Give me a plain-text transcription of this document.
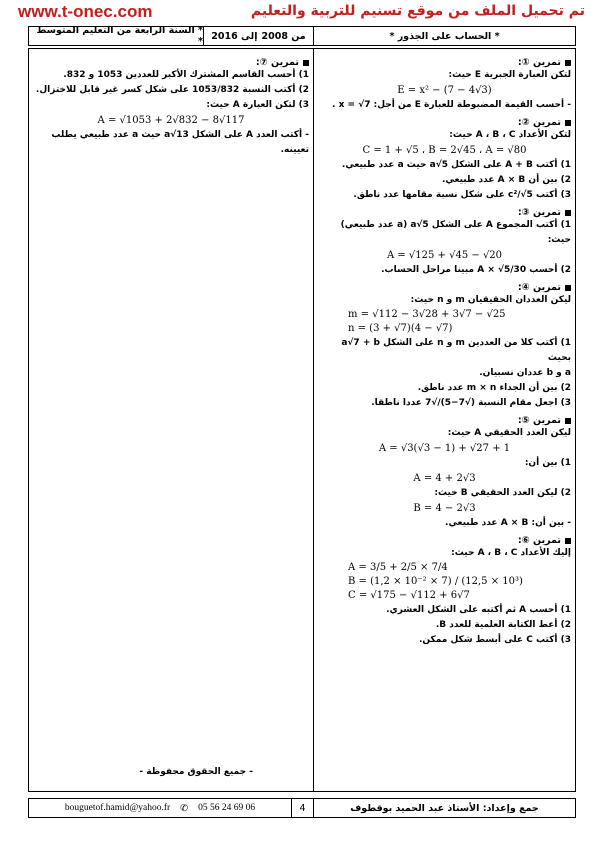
www.t-onec.com	تم تحميل الملف من موقع تسنيم للتربية والتعليم
* الحساب على الجذور *
من 2008
إلى 2016
* السنة الرابعة من التعليم المتوسط *
تمرين ①:
لتكن العبارة الجبرية E حيث:
E = x² − (7 − 4√3)
- أحسب القيمة المضبوطة للعبارة E من أجل: x = √7 .
تمرين ②:
لتكن الأعداد A ، B ، C حيث:
C = 1 + √5 ، B = 2√45 ، A = √80
1) أكتب A + B على الشكل a√5 حيث a عدد طبيعي.
2) بين أن A × B عدد طبيعي.
3) أكتب c²/√5 على شكل نسبة مقامها عدد ناطق.
تمرين ③:
1) أكتب المجموع A على الشكل a√5 (a عدد طبيعي) حيث:
A = √125 + √45 − √20
2) أحسب A × √5/30 مبينا مراحل الحساب.
تمرين ④:
ليكن العددان الحقيقيان m و n حيث:
m = √112 − 3√28 + 3√7 − √25
n = (3 + √7)(4 − √7)
1) أكتب كلا من العددين m و n على الشكل a√7 + b بحيث
a و b عددان نسبيان.
2) بين أن الجداء m × n عدد ناطق.
3) اجعل مقام النسبة (√7−5)/√7 عددا ناطقا.
تمرين ⑤:
ليكن العدد الحقيقي A حيث:
A = √3(√3 − 1) + √27 + 1
1) بين أن:
A = 4 + 2√3
2) ليكن العدد الحقيقي B حيث:
B = 4 − 2√3
- بين أن: A × B عدد طبيعي.
تمرين ⑥:
إليك الأعداد A ، B ، C حيث:
A = 3/5 + 2/5 × 7/4
B = (1,2 × 10⁻² × 7) / (12,5 × 10³)
C = √175 − √112 + 6√7
1) أحسب A ثم أكتبه على الشكل العشري.
2) أعط الكتابة العلمية للعدد B.
3) أكتب C على أبسط شكل ممكن.
تمرين ⑦:
1) أحسب القاسم المشترك الأكبر للعددين 1053 و 832.
2) أكتب النسبة 1053/832 على شكل كسر غير قابل للاختزال.
3) لتكن العبارة A حيث:
A = √1053 + 2√832 − 8√117
- أكتب العدد A على الشكل a√13 حيث a عدد طبيعي يطلب
تعيينه.
- جميع الحقوق محفوظة -
جمع وإعداد: الأستاذ عبد الحميد بوقطوف
4
bouguetof.hamid@yahoo.fr ✆ 05 56 24 69 06
